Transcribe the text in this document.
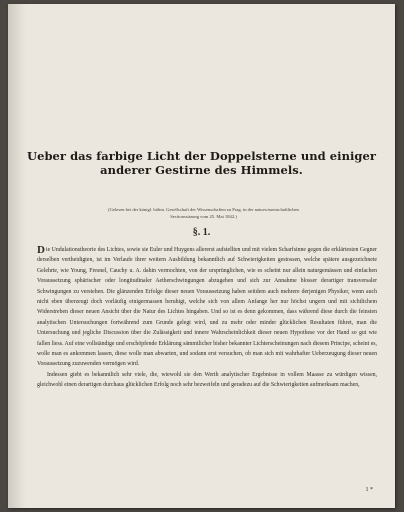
Ueber das farbige Licht der Doppelsterne und einiger
anderer Gestirne des Himmels.
(Gelesen bei der königl. böhm. Gesellschaft der Wissenschaften zu Prag, in der naturwissenschaftlichen
Sectionssitzung vom 25. Mai 1842.)
§. 1.

Die Undulationstheorie des Lichtes, sowie sie Euler und Huygens allererst aufstellten und mit vielem Scharfsinne gegen die erklärtesten Gegner derselben vertheidigten, ist im Verlaufe ihrer weitern Ausbildung bekanntlich auf Schwierigkeiten gestossen, welche spätere ausgezeichnete Gelehrte, wie Young, Fresnel, Cauchy u. A. dahin vermochten, von der ursprünglichen, wie es scheint nur allein naturgemässen und einfachen Voraussetzung sphärischer oder longitudinaler Aetherschwingungen abzugehen und sich zur Annahme blosser derartiger transversaler Schwingungen zu verstehen. Die glänzenden Erfolge dieser neuen Voraussetzung haben seitdem auch mehrere derjenigen Physiker, wenn auch nicht eben überzeugt doch vorläufig einigermassen beruhigt, welche sich von allem Anfange her nur höchst ungern und mit sichtlichem Widerstreben dieser neuen Ansicht über die Natur des Lichtes hingaben. Und so ist es denn gekommen, dass während diese durch die feinsten analytischen Untersuchungen fortwährend zum Grunde gelegt wird, und zu mehr oder minder glücklichen Resultaten führet, man die Untersuchung und jegliche Discussion über die Zulässigkeit und innere Wahrscheinlichkeit dieser neuen Hypothese vor der Hand so gut wie fallen liess. Auf eine vollständige und erschöpfende Erklärung sämmtlicher bisher bekannter Lichterscheinungen nach diesem Principe, scheint es, wolle man es ankommen lassen, diese wolle man abwarten, und sodann erst versuchen, ob man sich mit wahrhafter Ueberzeugung dieser neuen Voraussetzung zuzuwenden vermögen wird.

Indessen giebt es bekanntlich sehr viele, die, wiewohl sie den Werth analytischer Ergebnisse in vollem Maasse zu würdigen wissen, gleichwohl einen derartigen durchaus glücklichen Erfolg noch sehr bezweifeln und geradezu auf die Schwierigkeiten aufmerksam machen,

1 *
